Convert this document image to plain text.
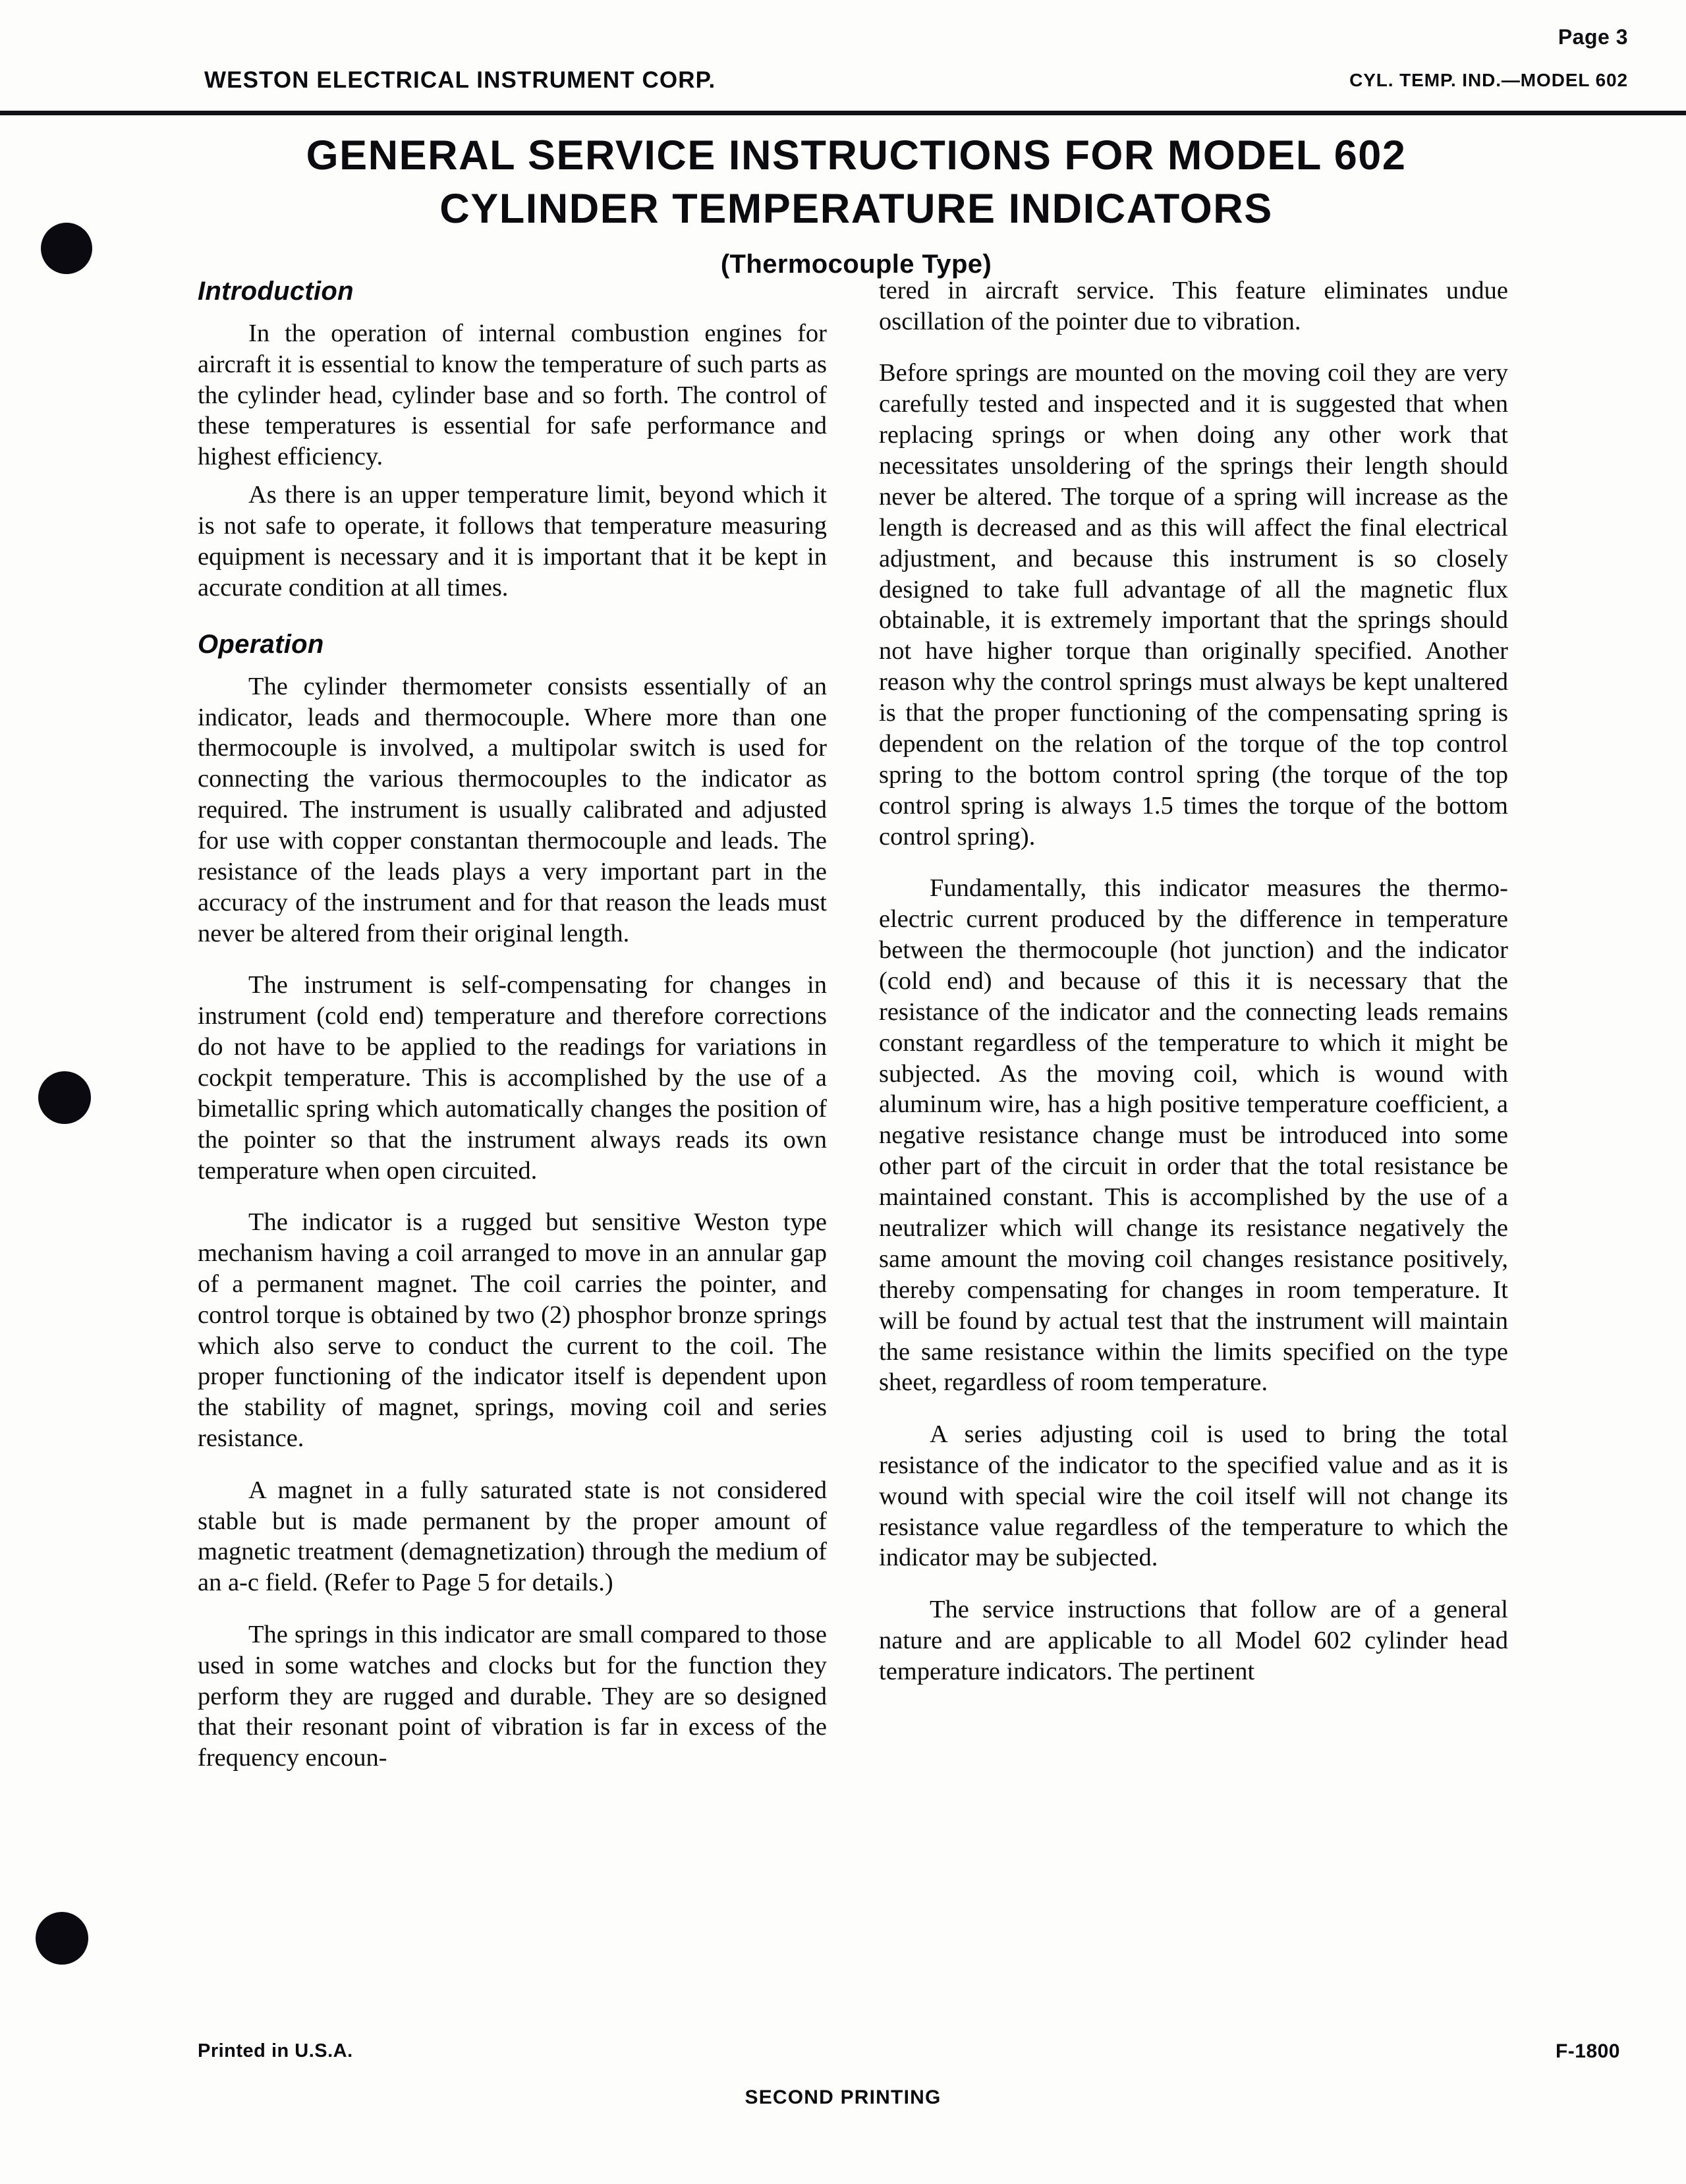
Page 3
WESTON ELECTRICAL INSTRUMENT CORP.	CYL. TEMP. IND.—MODEL 602
GENERAL SERVICE INSTRUCTIONS FOR MODEL 602
CYLINDER TEMPERATURE INDICATORS
(Thermocouple Type)
Introduction

In the operation of internal combustion engines for aircraft it is essential to know the temperature of such parts as the cylinder head, cylinder base and so forth. The control of these temperatures is essential for safe performance and highest efficiency.

As there is an upper temperature limit, beyond which it is not safe to operate, it follows that temperature measuring equipment is necessary and it is important that it be kept in accurate condition at all times.

Operation

The cylinder thermometer consists essentially of an indicator, leads and thermocouple. Where more than one thermocouple is involved, a multipolar switch is used for connecting the various thermocouples to the indicator as required. The instrument is usually calibrated and adjusted for use with copper constantan thermocouple and leads. The resistance of the leads plays a very important part in the accuracy of the instrument and for that reason the leads must never be altered from their original length.

The instrument is self-compensating for changes in instrument (cold end) temperature and therefore corrections do not have to be applied to the readings for variations in cockpit temperature. This is accomplished by the use of a bimetallic spring which automatically changes the position of the pointer so that the instrument always reads its own temperature when open circuited.

The indicator is a rugged but sensitive Weston type mechanism having a coil arranged to move in an annular gap of a permanent magnet. The coil carries the pointer, and control torque is obtained by two (2) phosphor bronze springs which also serve to conduct the current to the coil. The proper functioning of the indicator itself is dependent upon the stability of magnet, springs, moving coil and series resistance.

A magnet in a fully saturated state is not considered stable but is made permanent by the proper amount of magnetic treatment (demagnetization) through the medium of an a-c field. (Refer to Page 5 for details.)

The springs in this indicator are small compared to those used in some watches and clocks but for the function they perform they are rugged and durable. They are so designed that their resonant point of vibration is far in excess of the frequency encoun-

tered in aircraft service. This feature eliminates undue oscillation of the pointer due to vibration.

Before springs are mounted on the moving coil they are very carefully tested and inspected and it is suggested that when replacing springs or when doing any other work that necessitates unsoldering of the springs their length should never be altered. The torque of a spring will increase as the length is decreased and as this will affect the final electrical adjustment, and because this instrument is so closely designed to take full advantage of all the magnetic flux obtainable, it is extremely important that the springs should not have higher torque than originally specified. Another reason why the control springs must always be kept unaltered is that the proper functioning of the compensating spring is dependent on the relation of the torque of the top control spring to the bottom control spring (the torque of the top control spring is always 1.5 times the torque of the bottom control spring).

Fundamentally, this indicator measures the thermo-electric current produced by the difference in temperature between the thermocouple (hot junction) and the indicator (cold end) and because of this it is necessary that the resistance of the indicator and the connecting leads remains constant regardless of the temperature to which it might be subjected. As the moving coil, which is wound with aluminum wire, has a high positive temperature coefficient, a negative resistance change must be introduced into some other part of the circuit in order that the total resistance be maintained constant. This is accomplished by the use of a neutralizer which will change its resistance negatively the same amount the moving coil changes resistance positively, thereby compensating for changes in room temperature. It will be found by actual test that the instrument will maintain the same resistance within the limits specified on the type sheet, regardless of room temperature.

A series adjusting coil is used to bring the total resistance of the indicator to the specified value and as it is wound with special wire the coil itself will not change its resistance value regardless of the temperature to which the indicator may be subjected.

The service instructions that follow are of a general nature and are applicable to all Model 602 cylinder head temperature indicators. The pertinent

Printed in U.S.A.	F-1800
SECOND PRINTING
